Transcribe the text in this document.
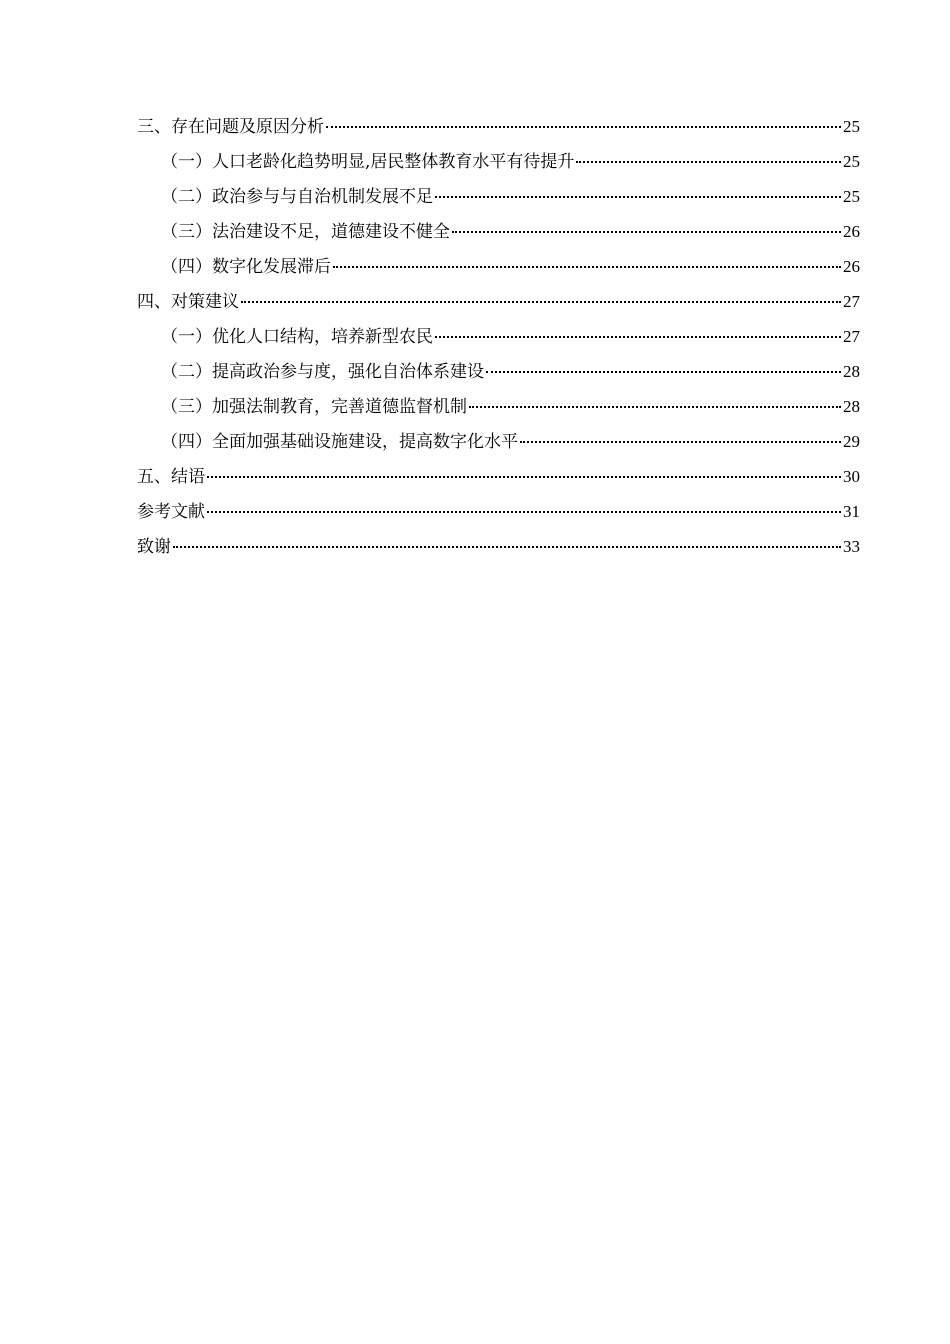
三、存在问题及原因分析	25
（一）人口老龄化趋势明显,居民整体教育水平有待提升	25
（二）政治参与与自治机制发展不足	25
（三）法治建设不足，道德建设不健全	26
（四）数字化发展滞后	26
四、对策建议	27
（一）优化人口结构，培养新型农民	27
（二）提高政治参与度，强化自治体系建设	28
（三）加强法制教育，完善道德监督机制	28
（四）全面加强基础设施建设，提高数字化水平	29
五、结语	30
参考文献	31
致谢	33
